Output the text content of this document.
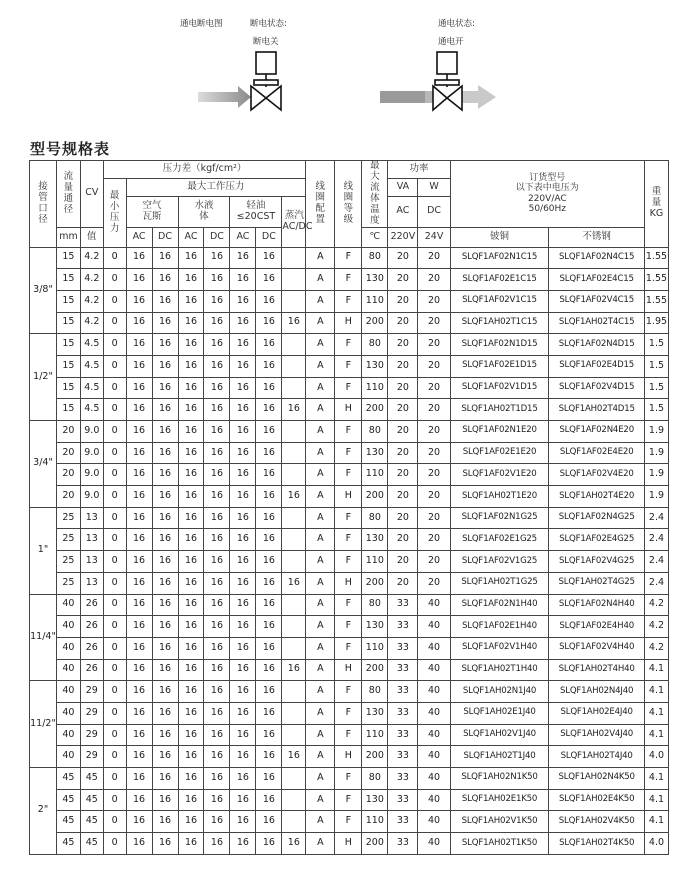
通电断电图	断电状态:
断电关
通电状态:
通电开
型号规格表
接管口径	流量通径	CV	压力差（kgf/cm²）								线圈配置	线圈等级	最大流体温度	功率		订货型号
以下表中电压为
220V/AC
50/60Hz		重量KG
			最小压力	最大工作压力										VA	W			
				空气瓦斯		水液体		轻油≤20CST		蒸汽AC/DC				AC	DC			
	mm	值		AC	DC	AC	DC	AC	DC				℃	220V	24V	铍铜	不锈钢	
3/8"	15	4.2	0	16	16	16	16	16	16		A	F	80	20	20	SLQF1AF02N1C15	SLQF1AF02N4C15	1.55
	15	4.2	0	16	16	16	16	16	16		A	F	130	20	20	SLQF1AF02E1C15	SLQF1AF02E4C15	1.55
	15	4.2	0	16	16	16	16	16	16		A	F	110	20	20	SLQF1AF02V1C15	SLQF1AF02V4C15	1.55
	15	4.2	0	16	16	16	16	16	16	16	A	H	200	20	20	SLQF1AH02T1C15	SLQF1AH02T4C15	1.95
1/2"	15	4.5	0	16	16	16	16	16	16		A	F	80	20	20	SLQF1AF02N1D15	SLQF1AF02N4D15	1.5
	15	4.5	0	16	16	16	16	16	16		A	F	130	20	20	SLQF1AF02E1D15	SLQF1AF02E4D15	1.5
	15	4.5	0	16	16	16	16	16	16		A	F	110	20	20	SLQF1AF02V1D15	SLQF1AF02V4D15	1.5
	15	4.5	0	16	16	16	16	16	16	16	A	H	200	20	20	SLQF1AH02T1D15	SLQF1AH02T4D15	1.5
3/4"	20	9.0	0	16	16	16	16	16	16		A	F	80	20	20	SLQF1AF02N1E20	SLQF1AF02N4E20	1.9
	20	9.0	0	16	16	16	16	16	16		A	F	130	20	20	SLQF1AF02E1E20	SLQF1AF02E4E20	1.9
	20	9.0	0	16	16	16	16	16	16		A	F	110	20	20	SLQF1AF02V1E20	SLQF1AF02V4E20	1.9
	20	9.0	0	16	16	16	16	16	16	16	A	H	200	20	20	SLQF1AH02T1E20	SLQF1AH02T4E20	1.9
1"	25	13	0	16	16	16	16	16	16		A	F	80	20	20	SLQF1AF02N1G25	SLQF1AF02N4G25	2.4
	25	13	0	16	16	16	16	16	16		A	F	130	20	20	SLQF1AF02E1G25	SLQF1AF02E4G25	2.4
	25	13	0	16	16	16	16	16	16		A	F	110	20	20	SLQF1AF02V1G25	SLQF1AF02V4G25	2.4
	25	13	0	16	16	16	16	16	16	16	A	H	200	20	20	SLQF1AH02T1G25	SLQF1AH02T4G25	2.4
11/4"	40	26	0	16	16	16	16	16	16		A	F	80	33	40	SLQF1AF02N1H40	SLQF1AF02N4H40	4.2
	40	26	0	16	16	16	16	16	16		A	F	130	33	40	SLQF1AF02E1H40	SLQF1AF02E4H40	4.2
	40	26	0	16	16	16	16	16	16		A	F	110	33	40	SLQF1AF02V1H40	SLQF1AF02V4H40	4.2
	40	26	0	16	16	16	16	16	16	16	A	H	200	33	40	SLQF1AH02T1H40	SLQF1AH02T4H40	4.1
11/2"	40	29	0	16	16	16	16	16	16		A	F	80	33	40	SLQF1AH02N1J40	SLQF1AH02N4J40	4.1
	40	29	0	16	16	16	16	16	16		A	F	130	33	40	SLQF1AH02E1J40	SLQF1AH02E4J40	4.1
	40	29	0	16	16	16	16	16	16		A	F	110	33	40	SLQF1AH02V1J40	SLQF1AH02V4J40	4.1
	40	29	0	16	16	16	16	16	16	16	A	H	200	33	40	SLQF1AH02T1J40	SLQF1AH02T4J40	4.0
2"	45	45	0	16	16	16	16	16	16		A	F	80	33	40	SLQF1AH02N1K50	SLQF1AH02N4K50	4.1
	45	45	0	16	16	16	16	16	16		A	F	130	33	40	SLQF1AH02E1K50	SLQF1AH02E4K50	4.1
	45	45	0	16	16	16	16	16	16		A	F	110	33	40	SLQF1AH02V1K50	SLQF1AH02V4K50	4.1
	45	45	0	16	16	16	16	16	16	16	A	H	200	33	40	SLQF1AH02T1K50	SLQF1AH02T4K50	4.0
